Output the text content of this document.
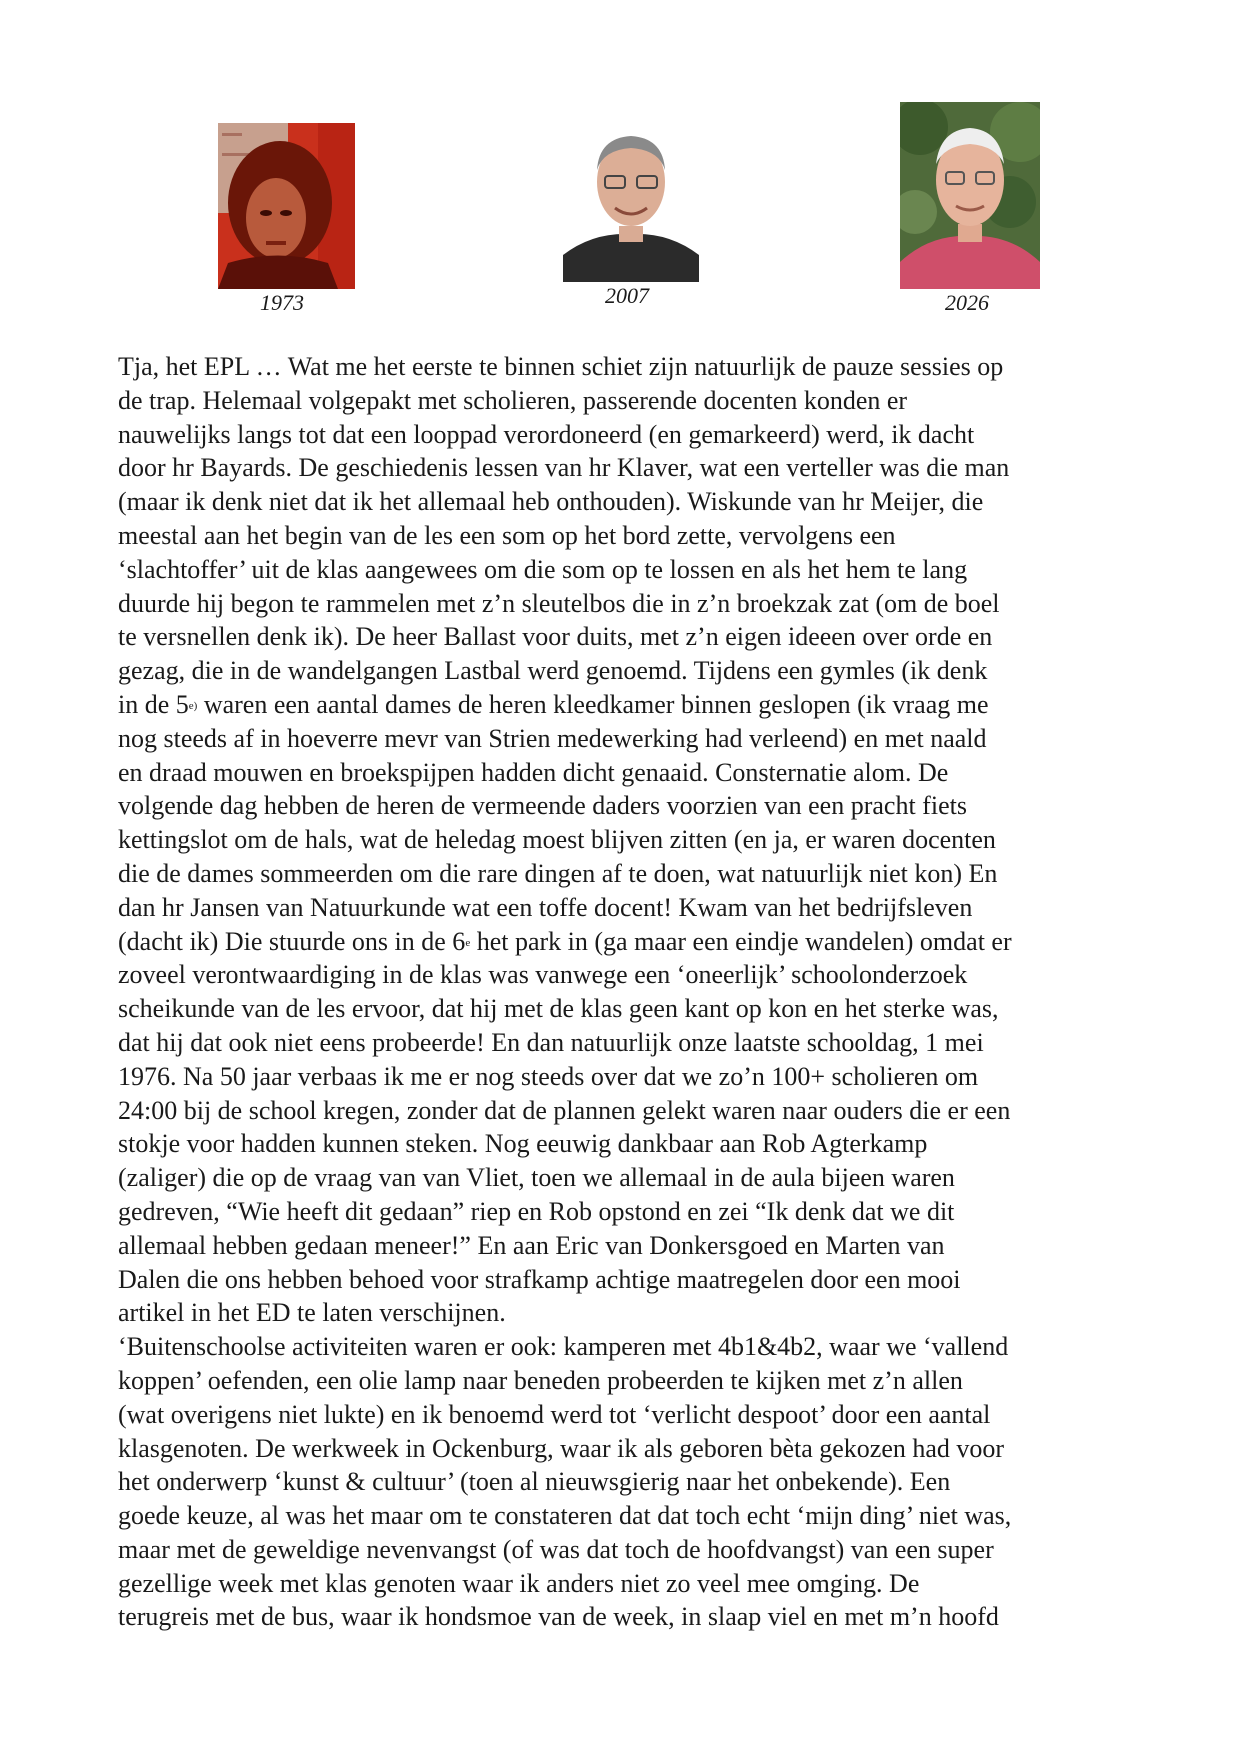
1973	2007	2026
Tja, het EPL … Wat me het eerste te binnen schiet zijn natuurlijk de pauze sessies op
de trap. Helemaal volgepakt met scholieren, passerende docenten konden er
nauwelijks langs tot dat een looppad verordoneerd (en gemarkeerd) werd, ik dacht
door hr Bayards. De geschiedenis lessen van hr Klaver, wat een verteller was die man
(maar ik denk niet dat ik het allemaal heb onthouden). Wiskunde van hr Meijer, die
meestal aan het begin van de les een som op het bord zette, vervolgens een
‘slachtoffer’ uit de klas aangewees om die som op te lossen en als het hem te lang
duurde hij begon te rammelen met z’n sleutelbos die in z’n broekzak zat (om de boel
te versnellen denk ik). De heer Ballast voor duits, met z’n eigen ideeen over orde en
gezag, die in de wandelgangen Lastbal werd genoemd. Tijdens een gymles (ik denk
in de 5$^{e)}$ waren een aantal dames de heren kleedkamer binnen geslopen (ik vraag me
nog steeds af in hoeverre mevr van Strien medewerking had verleend) en met naald
en draad mouwen en broekspijpen hadden dicht genaaid. Consternatie alom. De
volgende dag hebben de heren de vermeende daders voorzien van een pracht fiets
kettingslot om de hals, wat de heledag moest blijven zitten (en ja, er waren docenten
die de dames sommeerden om die rare dingen af te doen, wat natuurlijk niet kon) En
dan hr Jansen van Natuurkunde wat een toffe docent! Kwam van het bedrijfsleven
(dacht ik) Die stuurde ons in de 6e het park in (ga maar een eindje wandelen) omdat er
zoveel verontwaardiging in de klas was vanwege een ‘oneerlijk’ schoolonderzoek
scheikunde van de les ervoor, dat hij met de klas geen kant op kon en het sterke was,
dat hij dat ook niet eens probeerde! En dan natuurlijk onze laatste schooldag, 1 mei
1976. Na 50 jaar verbaas ik me er nog steeds over dat we zo’n 100+ scholieren om
24:00 bij de school kregen, zonder dat de plannen gelekt waren naar ouders die er een
stokje voor hadden kunnen steken. Nog eeuwig dankbaar aan Rob Agterkamp
(zaliger) die op de vraag van van Vliet, toen we allemaal in de aula bijeen waren
gedreven, “Wie heeft dit gedaan” riep en Rob opstond en zei “Ik denk dat we dit
allemaal hebben gedaan meneer!” En aan Eric van Donkersgoed en Marten van
Dalen die ons hebben behoed voor strafkamp achtige maatregelen door een mooi
artikel in het ED te laten verschijnen.
‘Buitenschoolse activiteiten waren er ook: kamperen met 4b1&4b2, waar we ‘vallend
koppen’ oefenden, een olie lamp naar beneden probeerden te kijken met z’n allen
(wat overigens niet lukte) en ik benoemd werd tot ‘verlicht despoot’ door een aantal
klasgenoten. De werkweek in Ockenburg, waar ik als geboren bèta gekozen had voor
het onderwerp ‘kunst & cultuur’ (toen al nieuwsgierig naar het onbekende). Een
goede keuze, al was het maar om te constateren dat dat toch echt ‘mijn ding’ niet was,
maar met de geweldige nevenvangst (of was dat toch de hoofdvangst) van een super
gezellige week met klas genoten waar ik anders niet zo veel mee omging. De
terugreis met de bus, waar ik hondsmoe van de week, in slaap viel en met m’n hoofd
